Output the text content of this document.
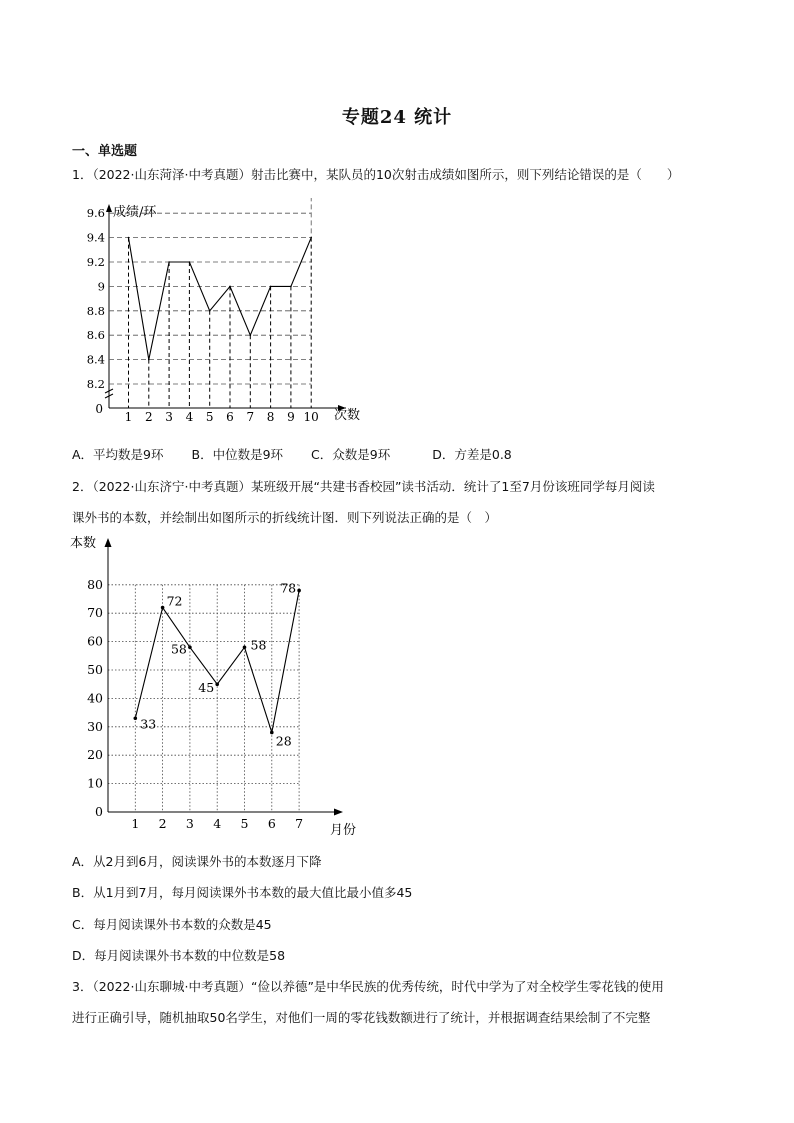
专题24 统计
一、单选题
1．（2022·山东菏泽·中考真题）射击比赛中，某队员的10次射击成绩如图所示，则下列结论错误的是（　　）
成绩/环
次数
0
8.2
8.4
8.6
8.8
9
9.2
9.4
9.6
1 2 3 4 5 6 7 8 9 10
A．平均数是9环 B．中位数是9环 C．众数是9环	D．方差是0.8
2．（2022·山东济宁·中考真题）某班级开展“共建书香校园”读书活动．统计了1至7月份该班同学每月阅读
课外书的本数，并绘制出如图所示的折线统计图．则下列说法正确的是（　）
本数
月份
0
10
20
30
40
50
60
70
80
1 2 3 4 5 6 7
33
72
58
45
58
28
78
A．从2月到6月，阅读课外书的本数逐月下降
B．从1月到7月，每月阅读课外书本数的最大值比最小值多45
C．每月阅读课外书本数的众数是45
D．每月阅读课外书本数的中位数是58
3．（2022·山东聊城·中考真题）“俭以养德”是中华民族的优秀传统，时代中学为了对全校学生零花钱的使用
进行正确引导，随机抽取50名学生，对他们一周的零花钱数额进行了统计，并根据调查结果绘制了不完整
